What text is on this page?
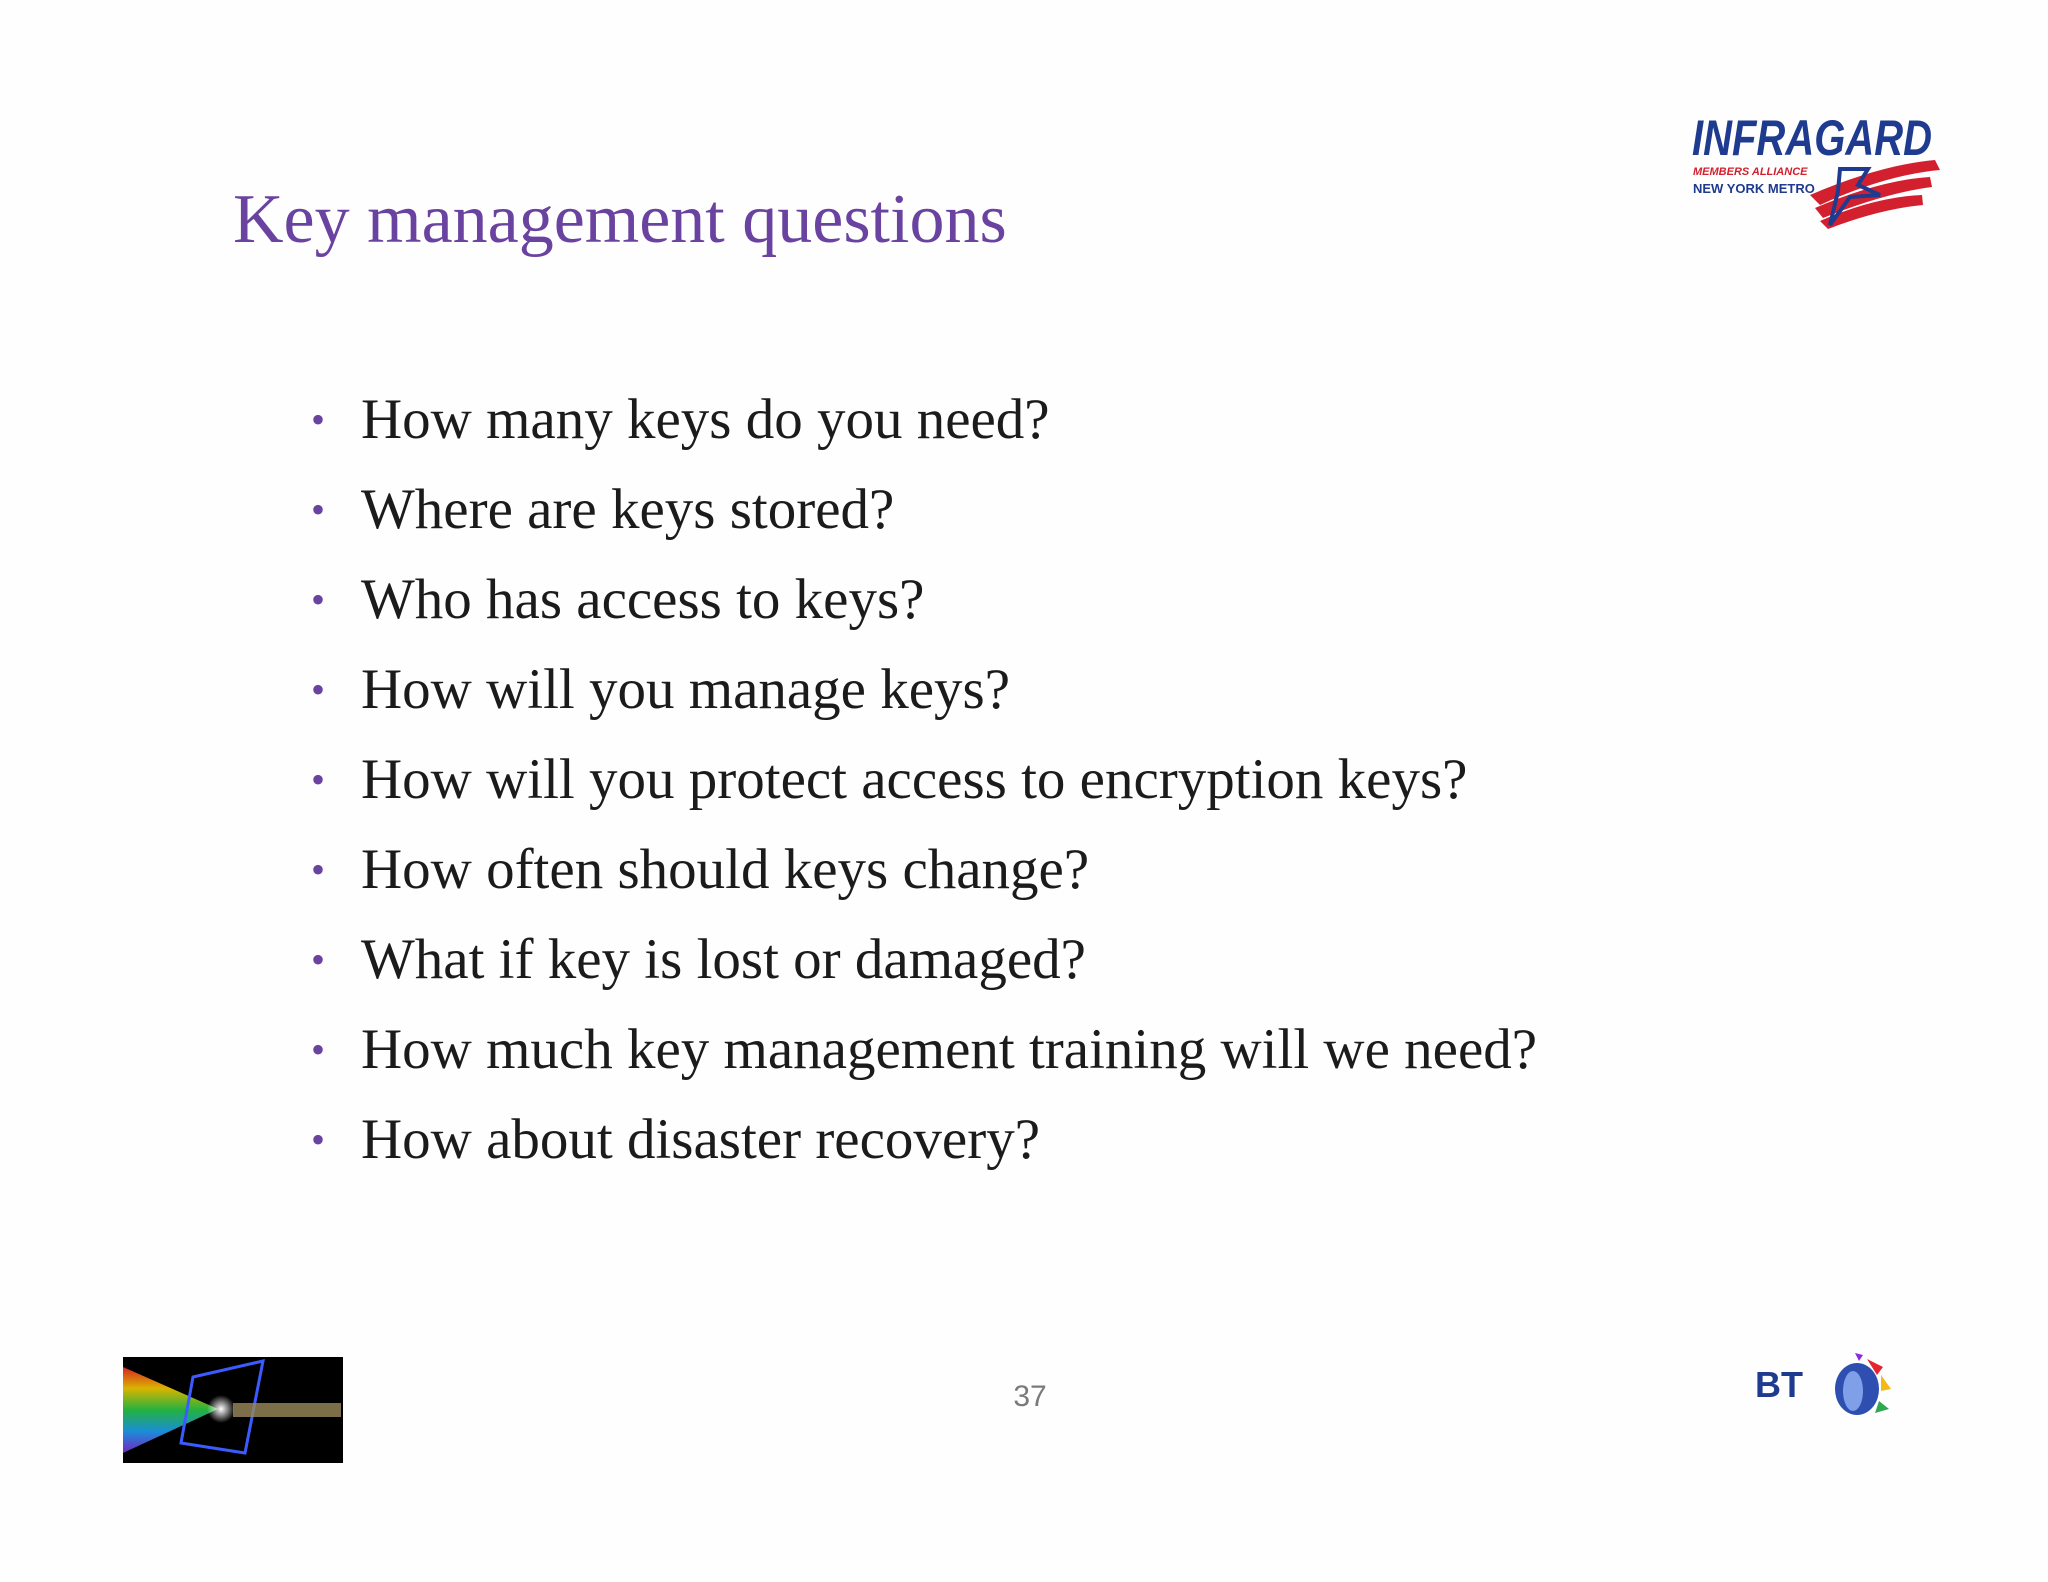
Key management questions
INFRAGARD
MEMBERS ALLIANCE
NEW YORK METRO
• How many keys do you need?
• Where are keys stored?
• Who has access to keys?
• How will you manage keys?
• How will you protect access to encryption keys?
• How often should keys change?
• What if key is lost or damaged?
• How much key management training will we need?
• How about disaster recovery?
37	BT
